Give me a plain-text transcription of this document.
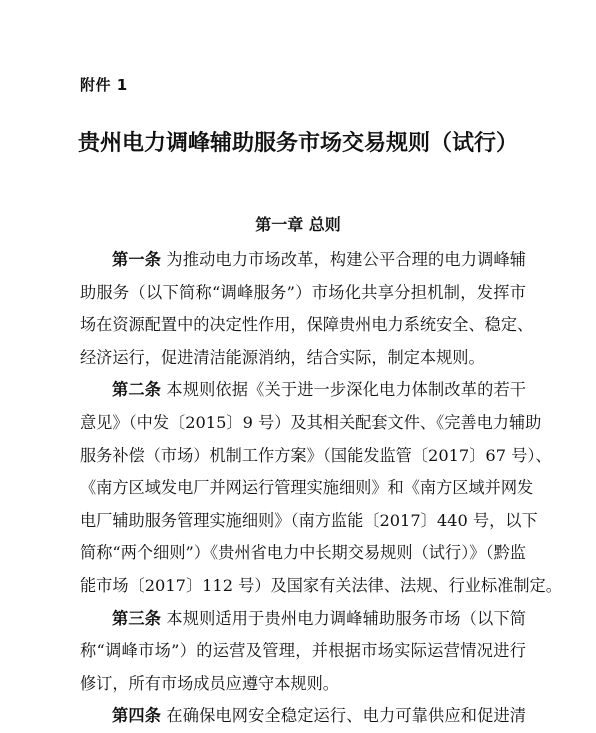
附件 1
贵州电力调峰辅助服务市场交易规则（试行）
第一章 总则
第一条 为推动电力市场改革，构建公平合理的电力调峰辅
助服务（以下简称“调峰服务”）市场化共享分担机制，发挥市
场在资源配置中的决定性作用，保障贵州电力系统安全、稳定、
经济运行，促进清洁能源消纳，结合实际，制定本规则。
第二条 本规则依据《关于进一步深化电力体制改革的若干
意见》（中发〔2015〕9 号）及其相关配套文件、《完善电力辅助
服务补偿（市场）机制工作方案》（国能发监管〔2017〕67 号）、
《南方区域发电厂并网运行管理实施细则》和《南方区域并网发
电厂辅助服务管理实施细则》（南方监能〔2017〕440 号，以下
简称“两个细则”）《贵州省电力中长期交易规则（试行）》（黔监
能市场〔2017〕112 号）及国家有关法律、法规、行业标准制定。
第三条 本规则适用于贵州电力调峰辅助服务市场（以下简
称“调峰市场”）的运营及管理，并根据市场实际运营情况进行
修订，所有市场成员应遵守本规则。
第四条 在确保电网安全稳定运行、电力可靠供应和促进清
